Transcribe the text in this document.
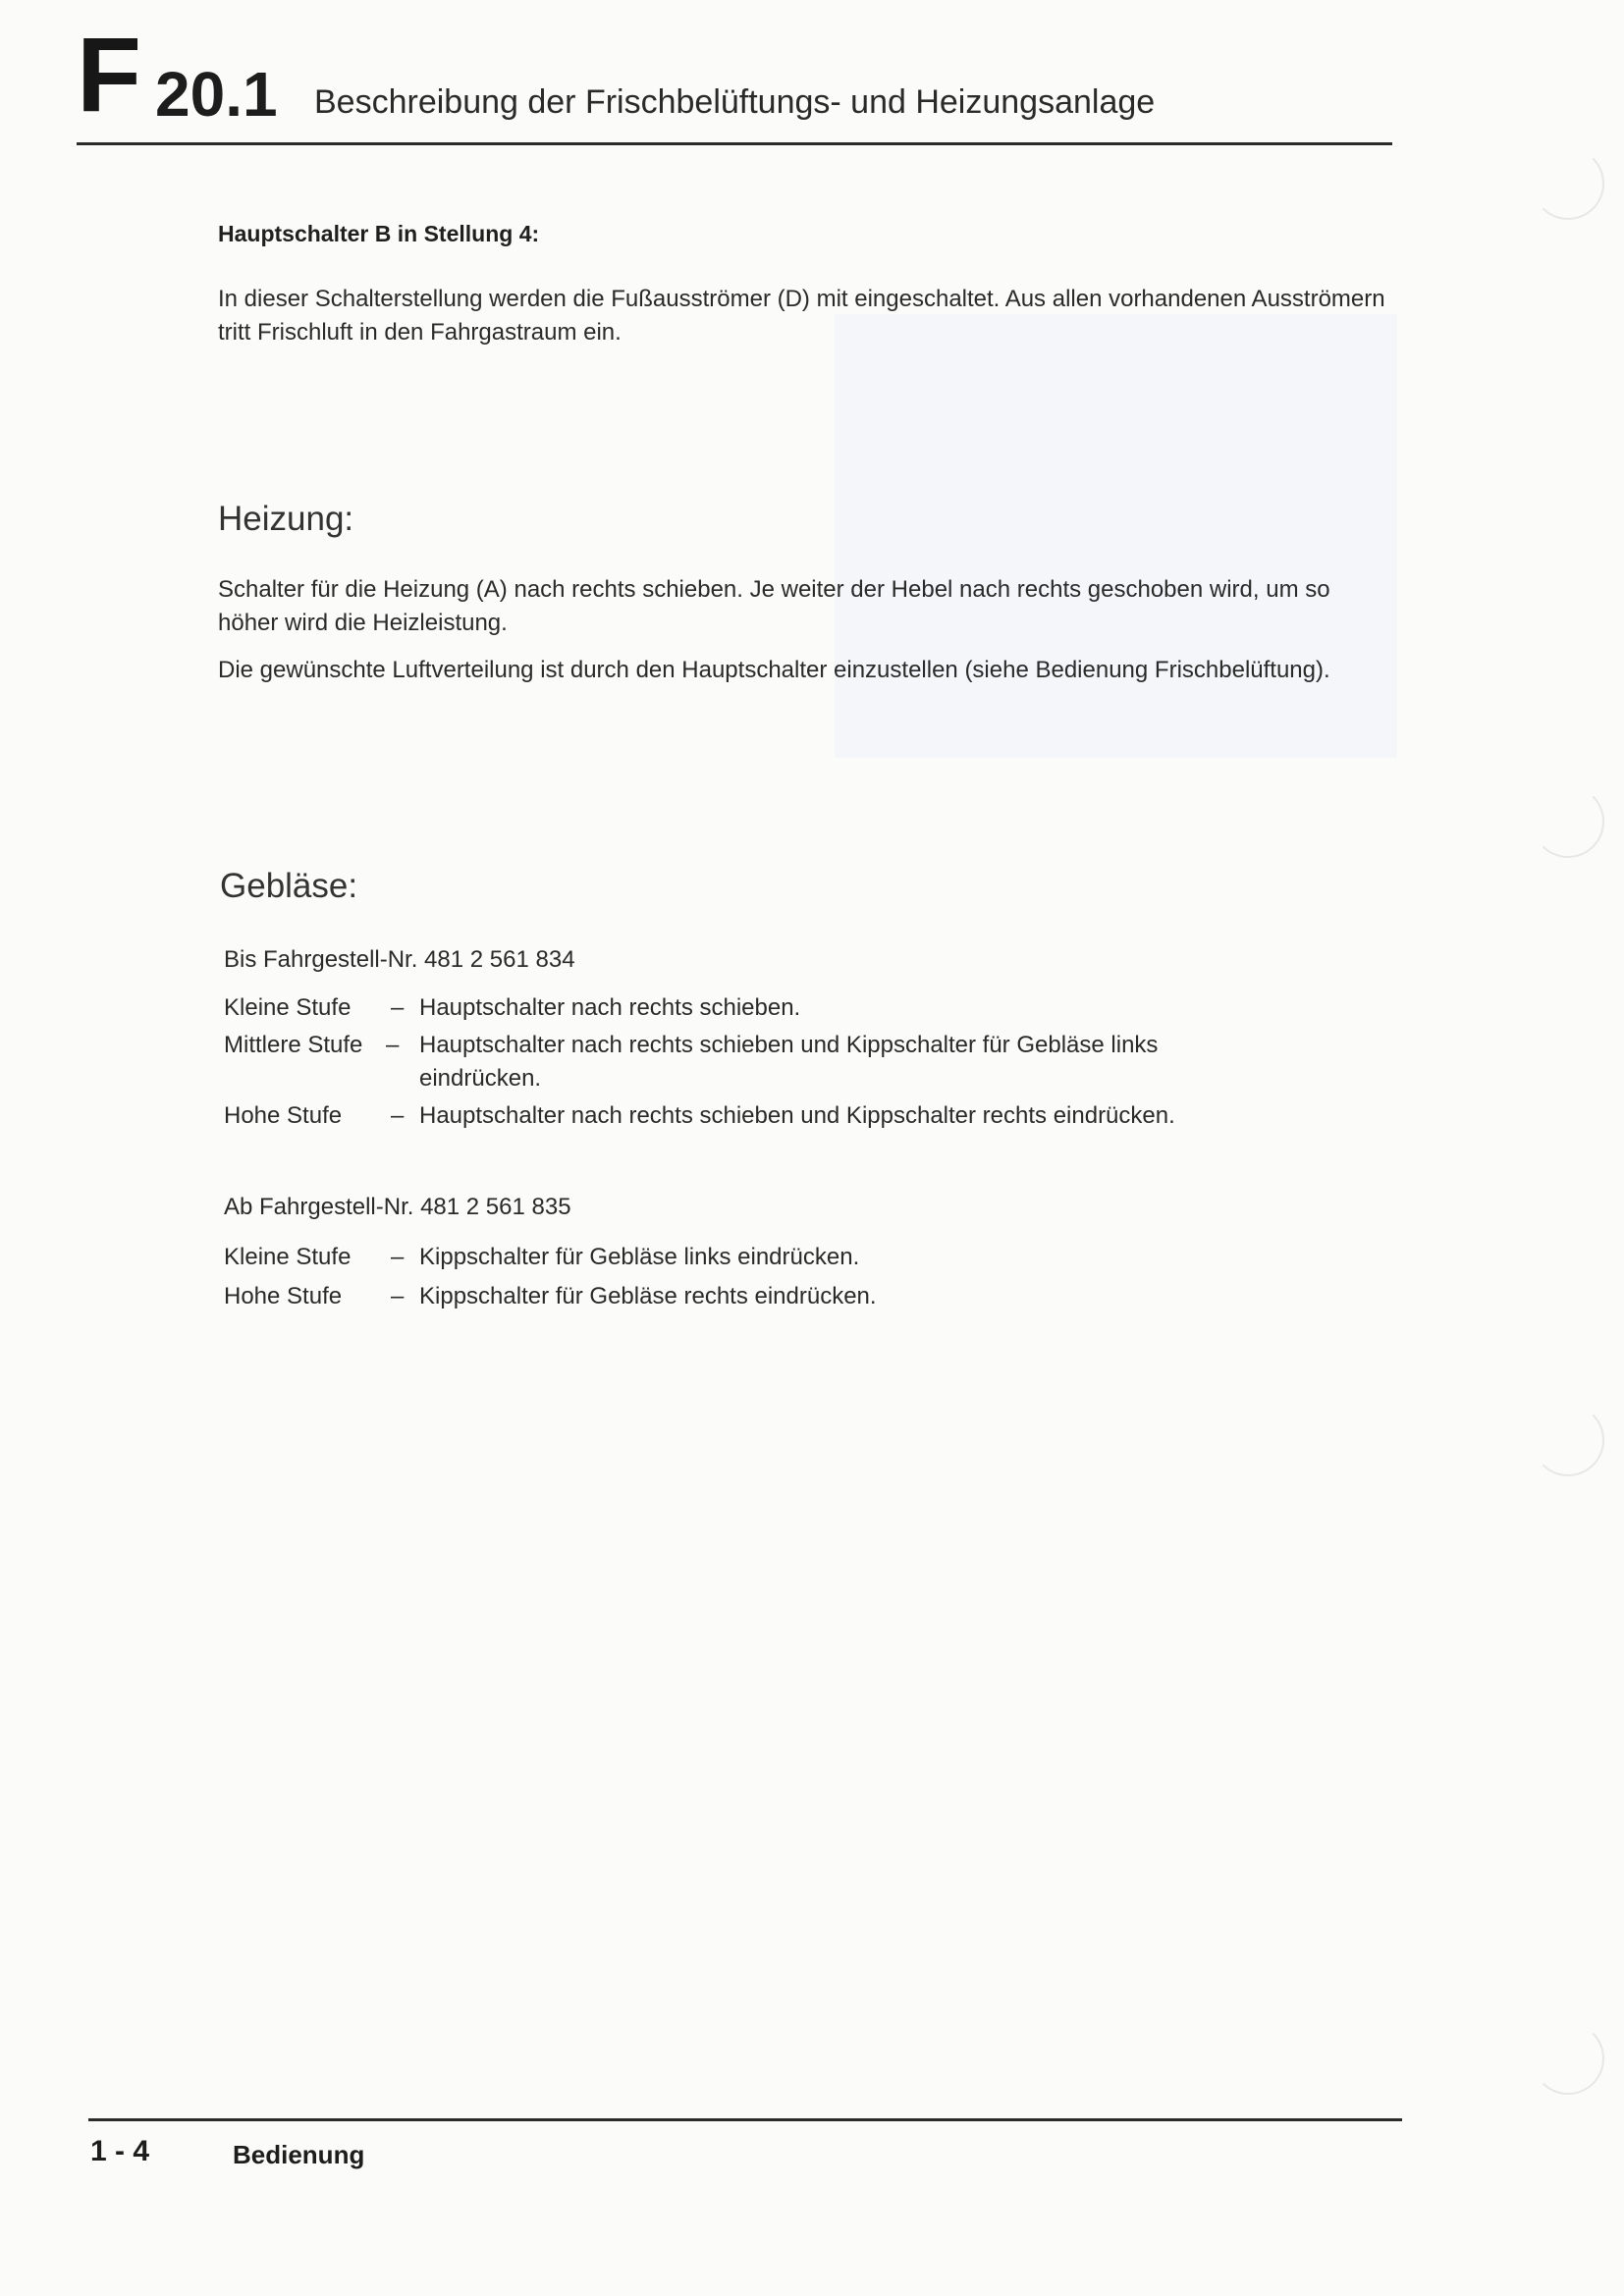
F 20.1 Beschreibung der Frischbelüftungs- und Heizungsanlage
Hauptschalter B in Stellung 4:
In dieser Schalterstellung werden die Fußausströmer (D) mit eingeschaltet. Aus allen vorhandenen Ausströmern tritt Frischluft in den Fahrgastraum ein.
Heizung:
Schalter für die Heizung (A) nach rechts schieben. Je weiter der Hebel nach rechts geschoben wird, um so höher wird die Heizleistung.
Die gewünschte Luftverteilung ist durch den Hauptschalter einzustellen (siehe Bedienung Frischbelüftung).
Gebläse:
Bis Fahrgestell-Nr. 481 2 561 834
Kleine Stufe – Hauptschalter nach rechts schieben.
Mittlere Stufe – Hauptschalter nach rechts schieben und Kippschalter für Gebläse links eindrücken.
Hohe Stufe – Hauptschalter nach rechts schieben und Kippschalter rechts eindrücken.
Ab Fahrgestell-Nr. 481 2 561 835
Kleine Stufe – Kippschalter für Gebläse links eindrücken.
Hohe Stufe – Kippschalter für Gebläse rechts eindrücken.
1 - 4	Bedienung
